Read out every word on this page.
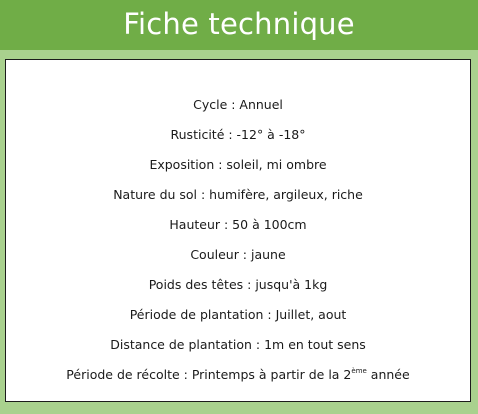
Fiche technique
Cycle : Annuel
Rusticité : -12° à -18°
Exposition : soleil, mi ombre
Nature du sol : humifère, argileux, riche
Hauteur : 50 à 100cm
Couleur : jaune
Poids des têtes : jusqu'à 1kg
Période de plantation : Juillet, aout
Distance de plantation : 1m en tout sens
Période de récolte : Printemps à partir de la 2ème année
